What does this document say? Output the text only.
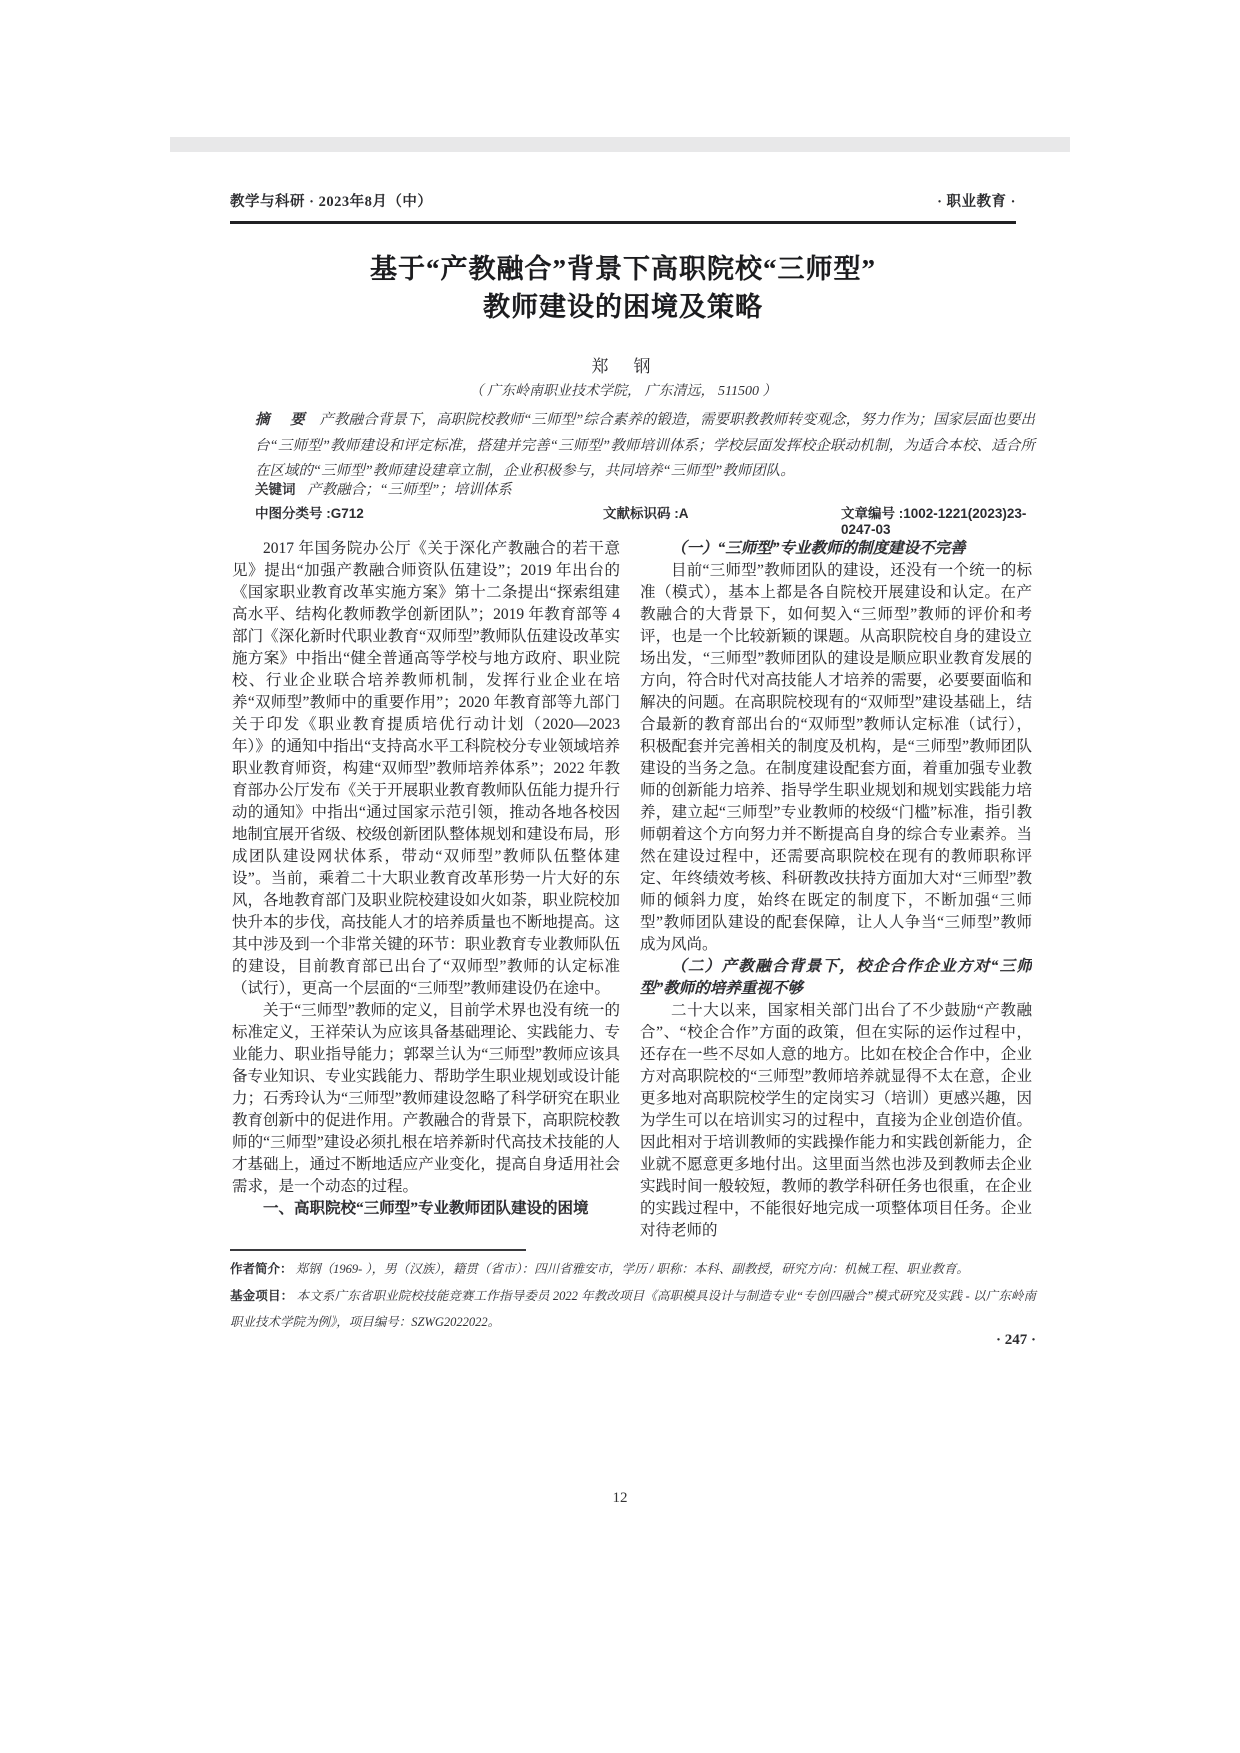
教学与科研 · 2023年8月（中）	· 职业教育 ·
基于“产教融合”背景下高职院校“三师型”
教师建设的困境及策略
郑　钢
（ 广东岭南职业技术学院， 广东清远， 511500 ）
摘　要 产教融合背景下，高职院校教师“三师型”综合素养的锻造，需要职教教师转变观念，努力作为；国家层面也要出台“三师型”教师建设和评定标准，搭建并完善“三师型”教师培训体系；学校层面发挥校企联动机制，为适合本校、适合所在区域的“三师型”教师建设建章立制，企业积极参与，共同培养“三师型”教师团队。
关键词 产教融合；“三师型”；培训体系
中图分类号 :G712	文献标识码 :A	文章编号 :1002-1221(2023)23-0247-03

2017 年国务院办公厅《关于深化产教融合的若干意见》提出“加强产教融合师资队伍建设”；2019 年出台的《国家职业教育改革实施方案》第十二条提出“探索组建高水平、结构化教师教学创新团队”；2019 年教育部等 4 部门《深化新时代职业教育“双师型”教师队伍建设改革实施方案》中指出“健全普通高等学校与地方政府、职业院校、行业企业联合培养教师机制，发挥行业企业在培养“双师型”教师中的重要作用”；2020 年教育部等九部门关于印发《职业教育提质培优行动计划（2020—2023 年）》的通知中指出“支持高水平工科院校分专业领域培养职业教育师资，构建“双师型”教师培养体系”；2022 年教育部办公厅发布《关于开展职业教育教师队伍能力提升行动的通知》中指出“通过国家示范引领，推动各地各校因地制宜展开省级、校级创新团队整体规划和建设布局，形成团队建设网状体系，带动“双师型”教师队伍整体建设”。当前，乘着二十大职业教育改革形势一片大好的东风，各地教育部门及职业院校建设如火如荼，职业院校加快升本的步伐，高技能人才的培养质量也不断地提高。这其中涉及到一个非常关键的环节：职业教育专业教师队伍的建设，目前教育部已出台了“双师型”教师的认定标准（试行），更高一个层面的“三师型”教师建设仍在途中。

关于“三师型”教师的定义，目前学术界也没有统一的标准定义，王祥荣认为应该具备基础理论、实践能力、专业能力、职业指导能力；郭翠兰认为“三师型”教师应该具备专业知识、专业实践能力、帮助学生职业规划或设计能力；石秀玲认为“三师型”教师建设忽略了科学研究在职业教育创新中的促进作用。产教融合的背景下，高职院校教师的“三师型”建设必须扎根在培养新时代高技术技能的人才基础上，通过不断地适应产业变化，提高自身适用社会需求，是一个动态的过程。

一、高职院校“三师型”专业教师团队建设的困境

（一）“三师型”专业教师的制度建设不完善

目前“三师型”教师团队的建设，还没有一个统一的标准（模式），基本上都是各自院校开展建设和认定。在产教融合的大背景下，如何契入“三师型”教师的评价和考评，也是一个比较新颖的课题。从高职院校自身的建设立场出发，“三师型”教师团队的建设是顺应职业教育发展的方向，符合时代对高技能人才培养的需要，必要要面临和解决的问题。在高职院校现有的“双师型”建设基础上，结合最新的教育部出台的“双师型”教师认定标准（试行），积极配套并完善相关的制度及机构，是“三师型”教师团队建设的当务之急。在制度建设配套方面，着重加强专业教师的创新能力培养、指导学生职业规划和规划实践能力培养，建立起“三师型”专业教师的校级“门槛”标准，指引教师朝着这个方向努力并不断提高自身的综合专业素养。当然在建设过程中，还需要高职院校在现有的教师职称评定、年终绩效考核、科研教改扶持方面加大对“三师型”教师的倾斜力度，始终在既定的制度下，不断加强“三师型”教师团队建设的配套保障，让人人争当“三师型”教师成为风尚。

（二）产教融合背景下，校企合作企业方对“三师型”教师的培养重视不够

二十大以来，国家相关部门出台了不少鼓励“产教融合”、“校企合作”方面的政策，但在实际的运作过程中，还存在一些不尽如人意的地方。比如在校企合作中，企业方对高职院校的“三师型”教师培养就显得不太在意，企业更多地对高职院校学生的定岗实习（培训）更感兴趣，因为学生可以在培训实习的过程中，直接为企业创造价值。因此相对于培训教师的实践操作能力和实践创新能力，企业就不愿意更多地付出。这里面当然也涉及到教师去企业实践时间一般较短，教师的教学科研任务也很重，在企业的实践过程中，不能很好地完成一项整体项目任务。企业对待老师的

作者简介： 郑钢（1969- ），男（汉族），籍贯（省市）：四川省雅安市，学历 / 职称：本科、副教授，研究方向：机械工程、职业教育。
基金项目： 本文系广东省职业院校技能竞赛工作指导委员 2022 年教改项目《高职模具设计与制造专业“专创四融合”模式研究及实践 - 以广东岭南职业技术学院为例》，项目编号：SZWG2022022。
· 247 ·
12
